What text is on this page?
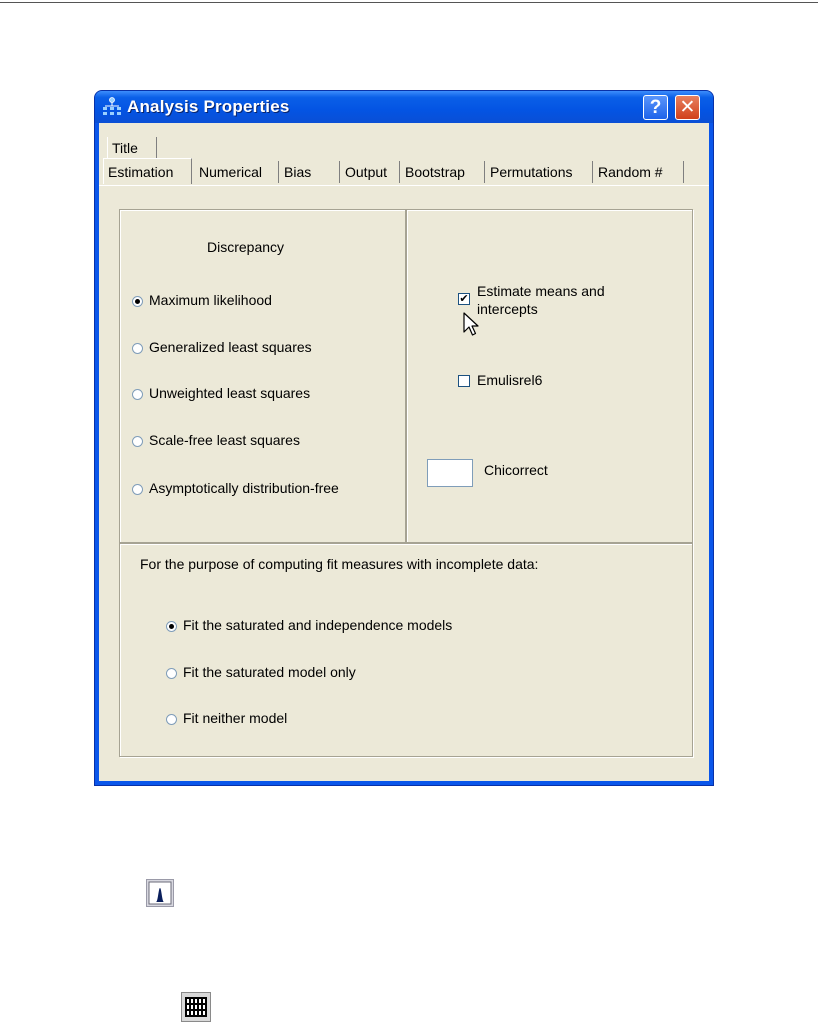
Analysis Properties	? ✕
Title
Estimation	Numerical	Bias	Output	Bootstrap	Permutations	Random #
Discrepancy
Maximum likelihood
Generalized least squares
Unweighted least squares
Scale-free least squares
Asymptotically distribution-free
✔ Estimate means and
intercepts
Emulisrel6
Chicorrect
For the purpose of computing fit measures with incomplete data:
Fit the saturated and independence models
Fit the saturated model only
Fit neither model
